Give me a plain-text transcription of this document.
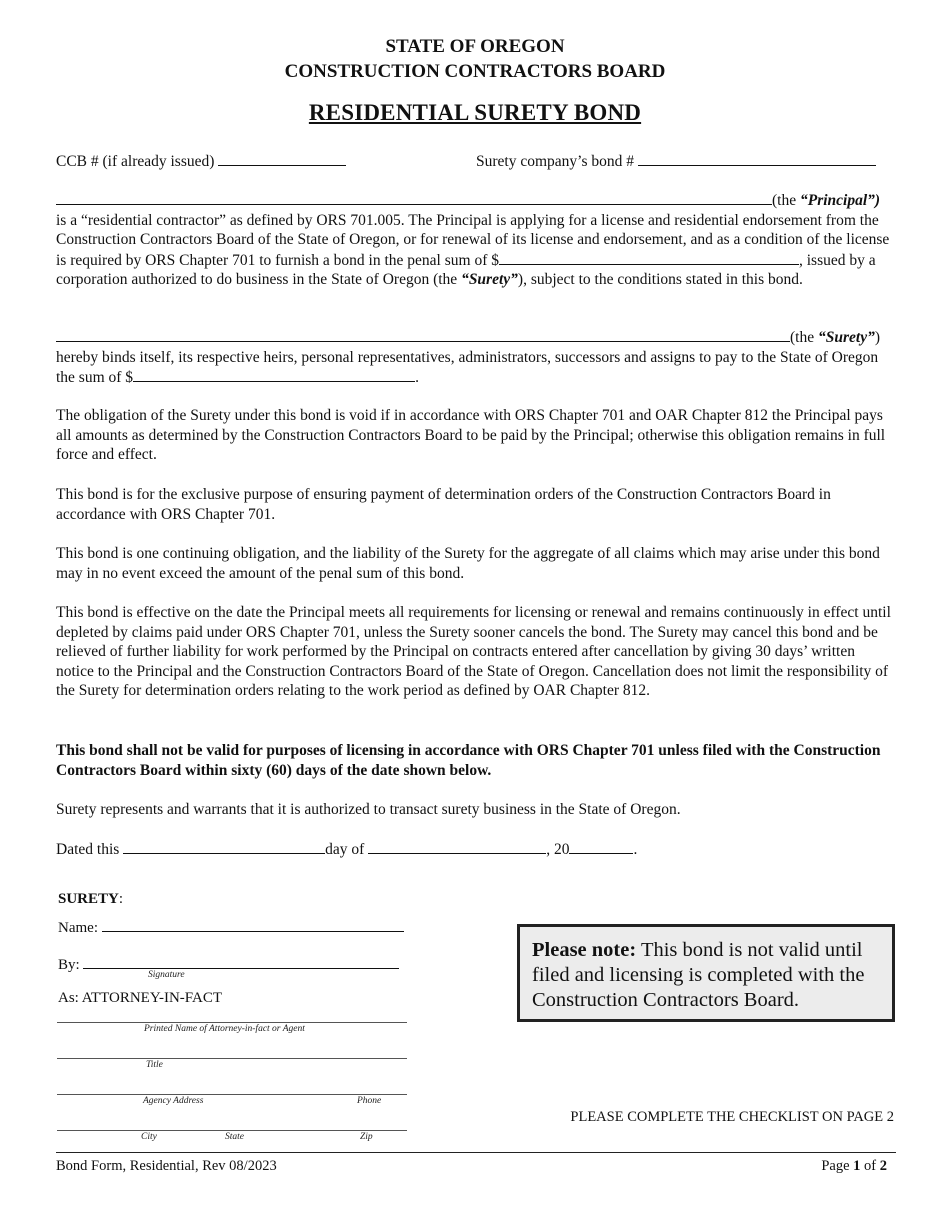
STATE OF OREGON
CONSTRUCTION CONTRACTORS BOARD
RESIDENTIAL SURETY BOND
CCB # (if already issued)	Surety company’s bond #
(the “Principal”)
is a “residential contractor” as defined by ORS 701.005. The Principal is applying for a license and residential endorsement from the Construction Contractors Board of the State of Oregon, or for renewal of its license and endorsement, and as a condition of the license is required by ORS Chapter 701 to furnish a bond in the penal sum of $	, issued by a corporation authorized to do business in the State of Oregon (the “Surety”), subject to the conditions stated in this bond.
(the “Surety”)
hereby binds itself, its respective heirs, personal representatives, administrators, successors and assigns to pay to the State of Oregon the sum of $	.
The obligation of the Surety under this bond is void if in accordance with ORS Chapter 701 and OAR Chapter 812 the Principal pays all amounts as determined by the Construction Contractors Board to be paid by the Principal; otherwise this obligation remains in full force and effect.
This bond is for the exclusive purpose of ensuring payment of determination orders of the Construction Contractors Board in accordance with ORS Chapter 701.
This bond is one continuing obligation, and the liability of the Surety for the aggregate of all claims which may arise under this bond may in no event exceed the amount of the penal sum of this bond.
This bond is effective on the date the Principal meets all requirements for licensing or renewal and remains continuously in effect until depleted by claims paid under ORS Chapter 701, unless the Surety sooner cancels the bond. The Surety may cancel this bond and be relieved of further liability for work performed by the Principal on contracts entered after cancellation by giving 30 days’ written notice to the Principal and the Construction Contractors Board of the State of Oregon. Cancellation does not limit the responsibility of the Surety for determination orders relating to the work period as defined by OAR Chapter 812.
This bond shall not be valid for purposes of licensing in accordance with ORS Chapter 701 unless filed with the Construction Contractors Board within sixty (60) days of the date shown below.
Surety represents and warrants that it is authorized to transact surety business in the State of Oregon.
Dated this	day of	, 20	.
SURETY:
Name:
By:
Signature
As: ATTORNEY-IN-FACT
Printed Name of Attorney-in-fact or Agent
Title
Agency Address	Phone
City	State	Zip
Please note: This bond is not valid until filed and licensing is completed with the Construction Contractors Board.
PLEASE COMPLETE THE CHECKLIST ON PAGE 2
Bond Form, Residential, Rev 08/2023	Page 1 of 2
